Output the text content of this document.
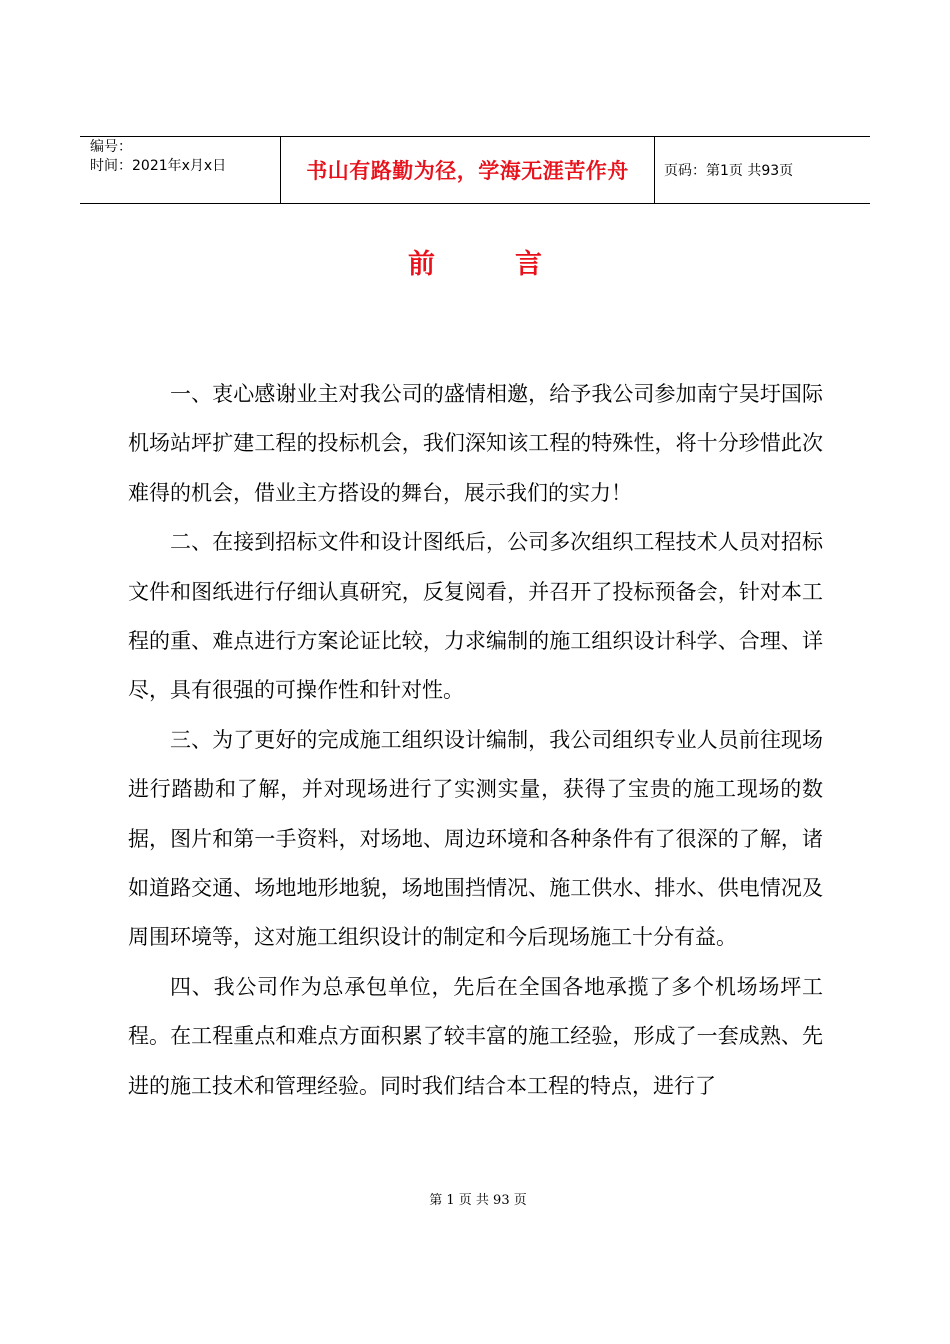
编号：
时间：2021年x月x日	书山有路勤为径，学海无涯苦作舟	页码：第1页 共93页
前言

一、衷心感谢业主对我公司的盛情相邀，给予我公司参加南宁吴圩国际机场站坪扩建工程的投标机会，我们深知该工程的特殊性，将十分珍惜此次难得的机会，借业主方搭设的舞台，展示我们的实力！

二、在接到招标文件和设计图纸后，公司多次组织工程技术人员对招标文件和图纸进行仔细认真研究，反复阅看，并召开了投标预备会，针对本工程的重、难点进行方案论证比较，力求编制的施工组织设计科学、合理、详尽，具有很强的可操作性和针对性。

三、为了更好的完成施工组织设计编制，我公司组织专业人员前往现场进行踏勘和了解，并对现场进行了实测实量，获得了宝贵的施工现场的数据，图片和第一手资料，对场地、周边环境和各种条件有了很深的了解，诸如道路交通、场地地形地貌，场地围挡情况、施工供水、排水、供电情况及周围环境等，这对施工组织设计的制定和今后现场施工十分有益。

四、我公司作为总承包单位，先后在全国各地承揽了多个机场场坪工程。在工程重点和难点方面积累了较丰富的施工经验，形成了一套成熟、先进的施工技术和管理经验。同时我们结合本工程的特点，进行了

第 1 页 共 93 页
